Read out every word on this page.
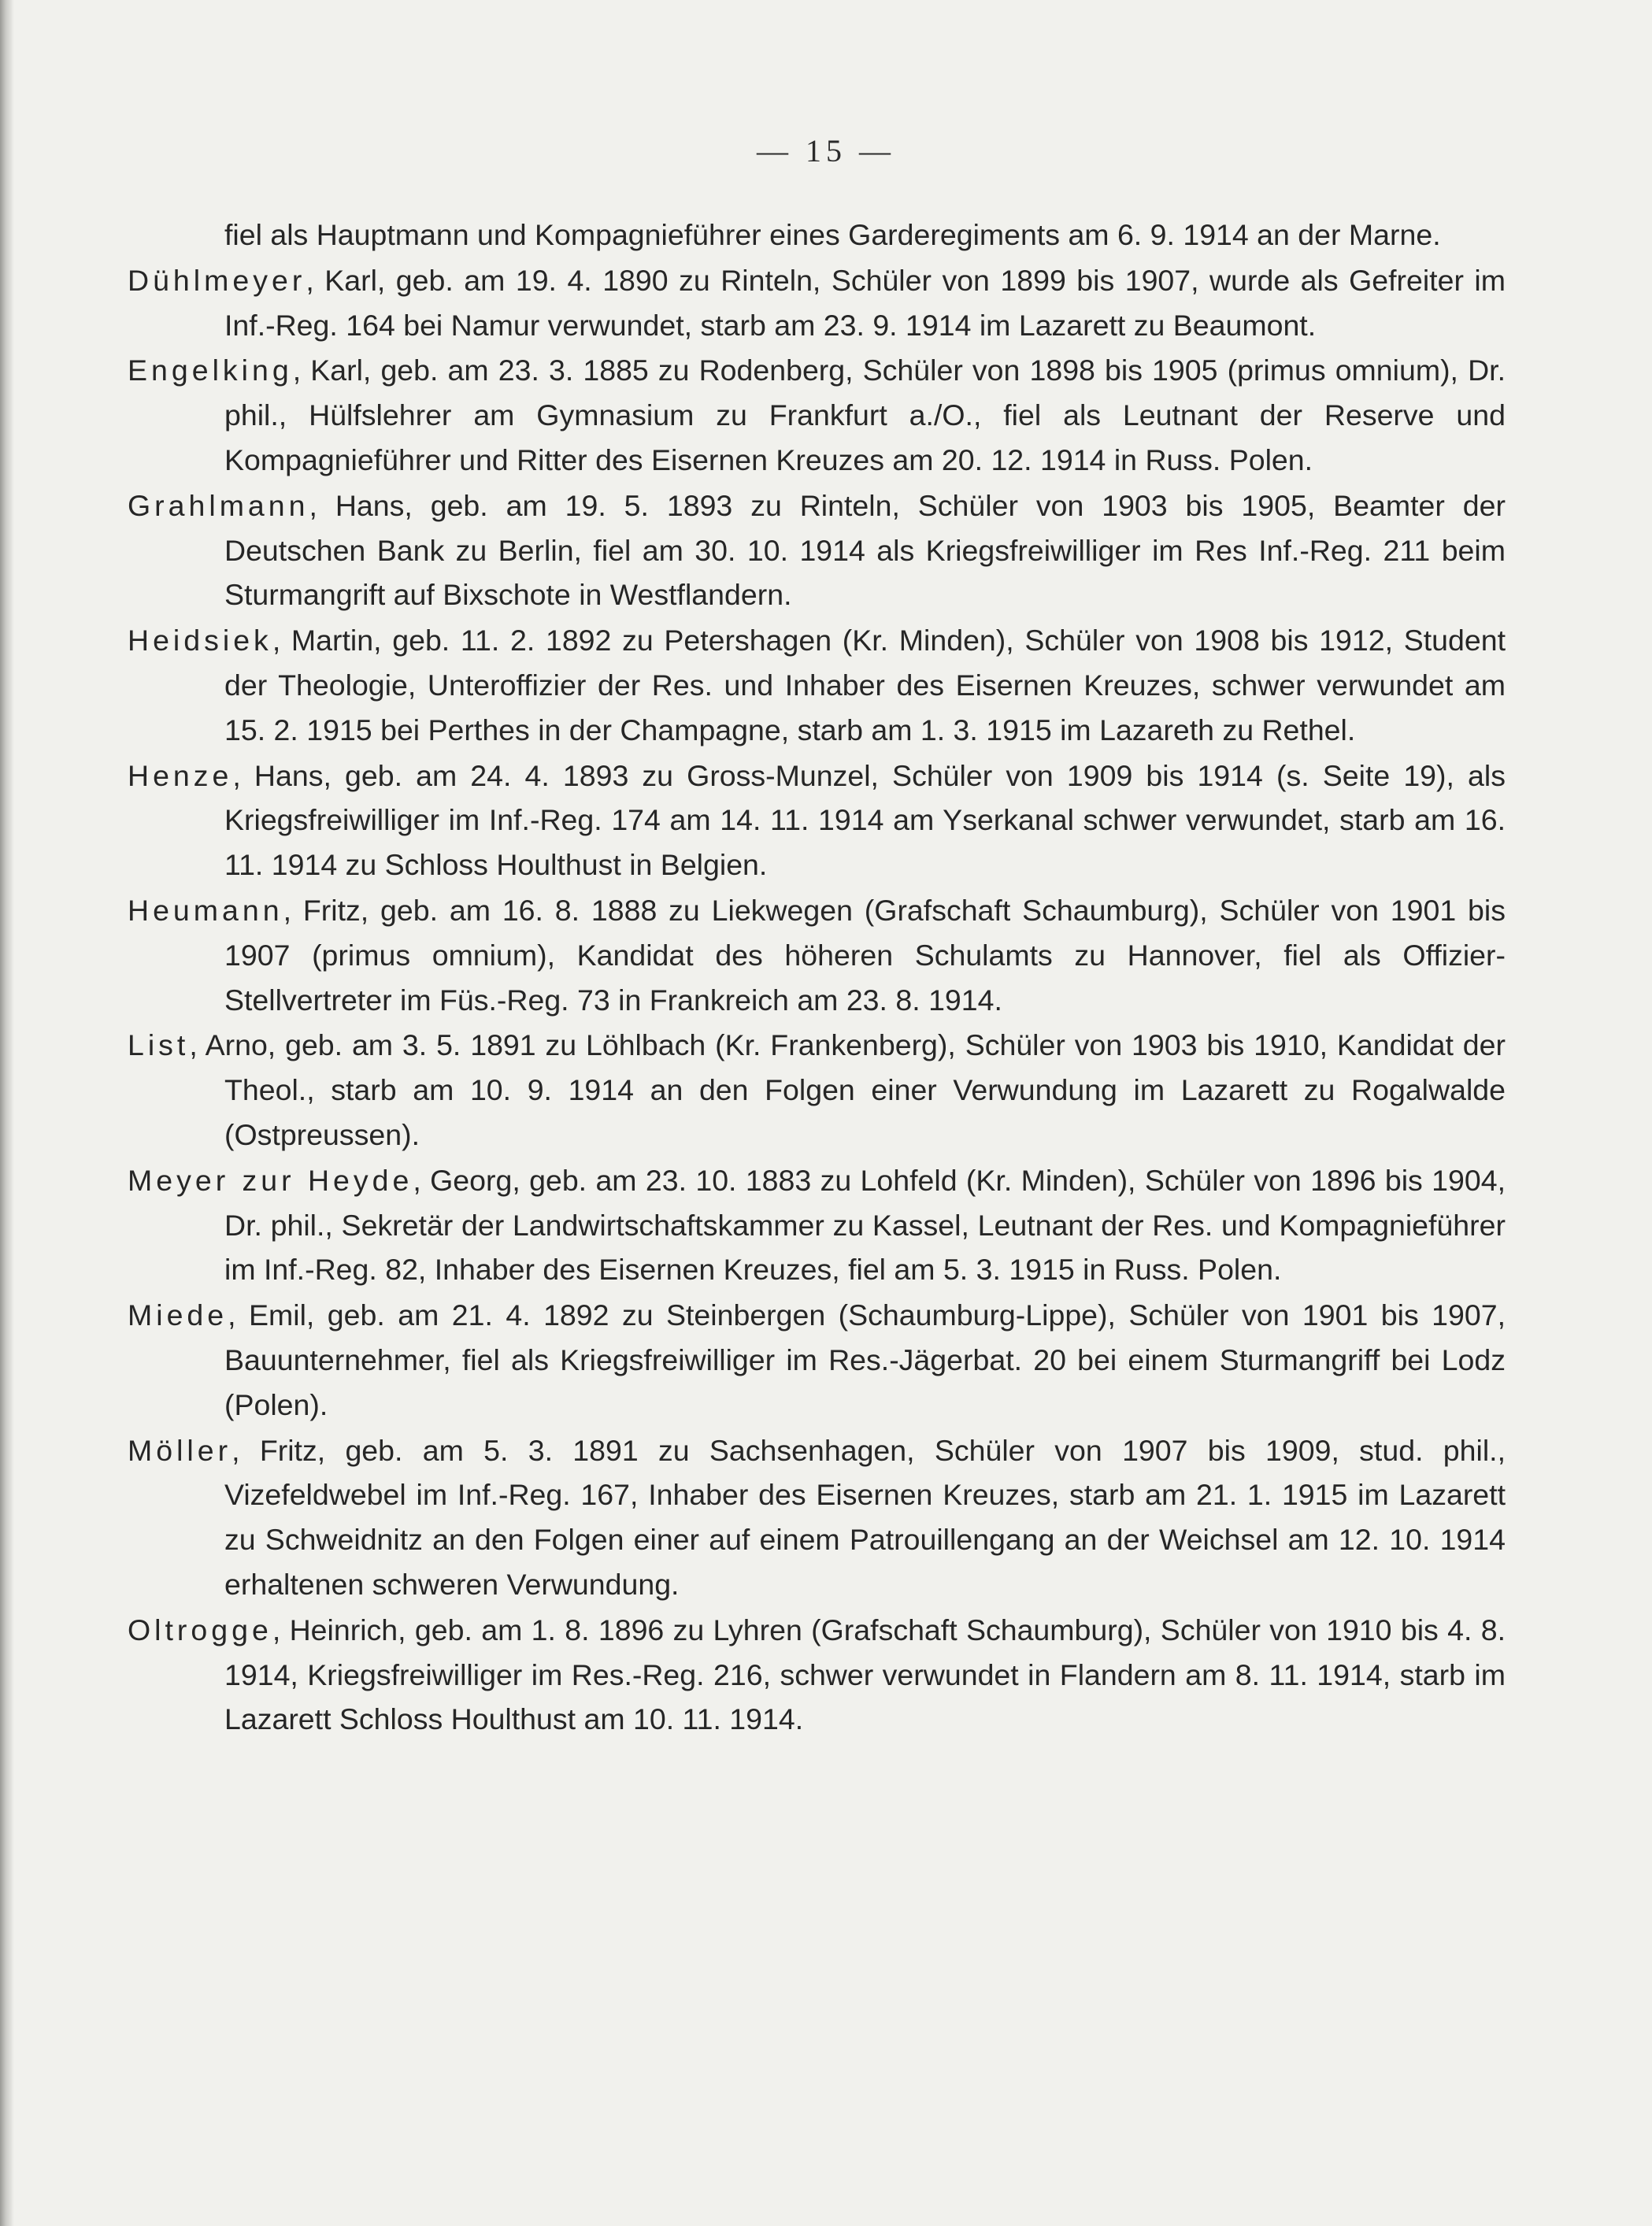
— 15 —

fiel als Hauptmann und Kompagnieführer eines Garderegiments am 6. 9. 1914 an der Marne.

Dühlmeyer, Karl, geb. am 19. 4. 1890 zu Rinteln, Schüler von 1899 bis 1907, wurde als Gefreiter im Inf.-Reg. 164 bei Namur verwundet, starb am 23. 9. 1914 im Lazarett zu Beaumont.

Engelking, Karl, geb. am 23. 3. 1885 zu Rodenberg, Schüler von 1898 bis 1905 (primus omnium), Dr. phil., Hülfslehrer am Gymnasium zu Frankfurt a./O., fiel als Leutnant der Reserve und Kompagnieführer und Ritter des Eisernen Kreuzes am 20. 12. 1914 in Russ. Polen.

Grahlmann, Hans, geb. am 19. 5. 1893 zu Rinteln, Schüler von 1903 bis 1905, Beamter der Deutschen Bank zu Berlin, fiel am 30. 10. 1914 als Kriegsfreiwilliger im Res Inf.-Reg. 211 beim Sturmangrift auf Bixschote in Westflandern.

Heidsiek, Martin, geb. 11. 2. 1892 zu Petershagen (Kr. Minden), Schüler von 1908 bis 1912, Student der Theologie, Unteroffizier der Res. und Inhaber des Eisernen Kreuzes, schwer verwundet am 15. 2. 1915 bei Perthes in der Champagne, starb am 1. 3. 1915 im Lazareth zu Rethel.

Henze, Hans, geb. am 24. 4. 1893 zu Gross-Munzel, Schüler von 1909 bis 1914 (s. Seite 19), als Kriegsfreiwilliger im Inf.-Reg. 174 am 14. 11. 1914 am Yserkanal schwer verwundet, starb am 16. 11. 1914 zu Schloss Houlthust in Belgien.

Heumann, Fritz, geb. am 16. 8. 1888 zu Liekwegen (Grafschaft Schaumburg), Schüler von 1901 bis 1907 (primus omnium), Kandidat des höheren Schulamts zu Hannover, fiel als Offizier-Stellvertreter im Füs.-Reg. 73 in Frankreich am 23. 8. 1914.

List, Arno, geb. am 3. 5. 1891 zu Löhlbach (Kr. Frankenberg), Schüler von 1903 bis 1910, Kandidat der Theol., starb am 10. 9. 1914 an den Folgen einer Verwundung im Lazarett zu Rogalwalde (Ostpreussen).

Meyer zur Heyde, Georg, geb. am 23. 10. 1883 zu Lohfeld (Kr. Minden), Schüler von 1896 bis 1904, Dr. phil., Sekretär der Landwirtschaftskammer zu Kassel, Leutnant der Res. und Kompagnieführer im Inf.-Reg. 82, Inhaber des Eisernen Kreuzes, fiel am 5. 3. 1915 in Russ. Polen.

Miede, Emil, geb. am 21. 4. 1892 zu Steinbergen (Schaumburg-Lippe), Schüler von 1901 bis 1907, Bauunternehmer, fiel als Kriegsfreiwilliger im Res.-Jägerbat. 20 bei einem Sturmangriff bei Lodz (Polen).

Möller, Fritz, geb. am 5. 3. 1891 zu Sachsenhagen, Schüler von 1907 bis 1909, stud. phil., Vizefeldwebel im Inf.-Reg. 167, Inhaber des Eisernen Kreuzes, starb am 21. 1. 1915 im Lazarett zu Schweidnitz an den Folgen einer auf einem Patrouillengang an der Weichsel am 12. 10. 1914 erhaltenen schweren Verwundung.

Oltrogge, Heinrich, geb. am 1. 8. 1896 zu Lyhren (Grafschaft Schaumburg), Schüler von 1910 bis 4. 8. 1914, Kriegsfreiwilliger im Res.-Reg. 216, schwer verwundet in Flandern am 8. 11. 1914, starb im Lazarett Schloss Houlthust am 10. 11. 1914.
